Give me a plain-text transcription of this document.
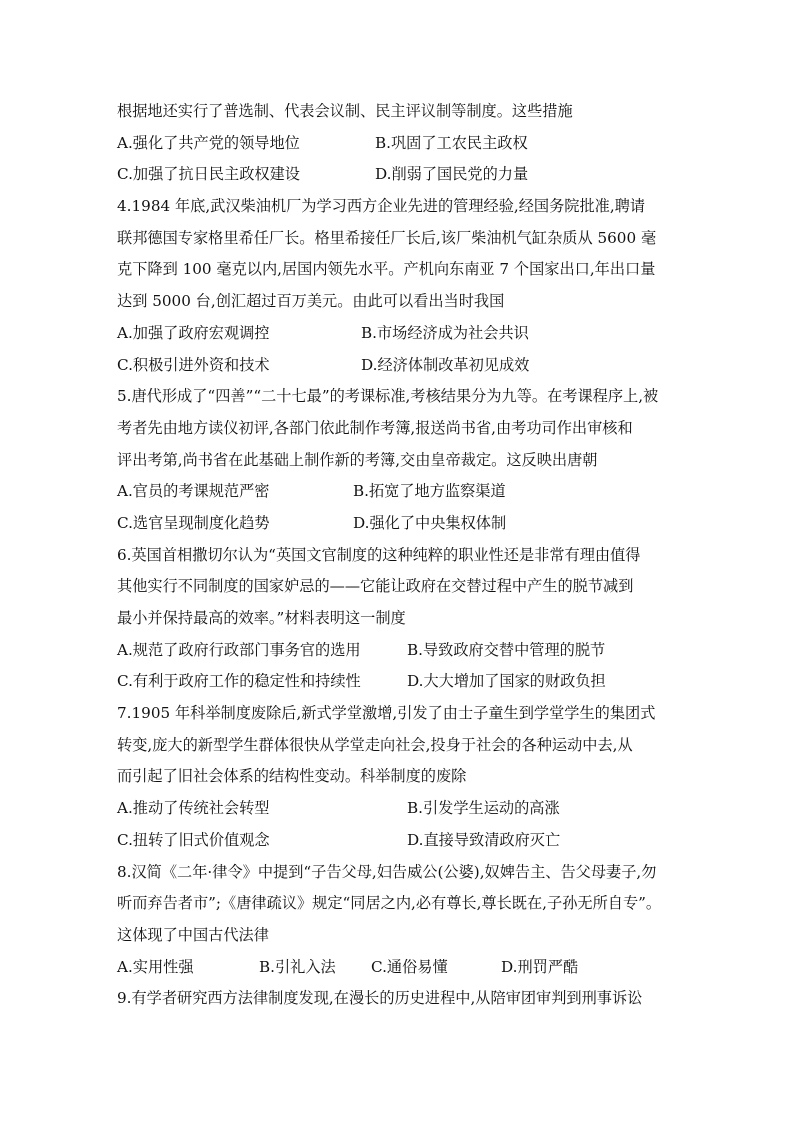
根据地还实行了普选制、代表会议制、民主评议制等制度。这些措施
A.强化了共产党的领导地位	B.巩固了工农民主政权
C.加强了抗日民主政权建设	D.削弱了国民党的力量
4.1984 年底,武汉柴油机厂为学习西方企业先进的管理经验,经国务院批准,聘请
联邦德国专家格里希任厂长。格里希接任厂长后,该厂柴油机气缸杂质从 5600 毫
克下降到 100 毫克以内,居国内领先水平。产机向东南亚 7 个国家出口,年出口量
达到 5000 台,创汇超过百万美元。由此可以看出当时我国
A.加强了政府宏观调控	B.市场经济成为社会共识
C.积极引进外资和技术	D.经济体制改革初见成效
5.唐代形成了“四善”“二十七最”的考课标准,考核结果分为九等。在考课程序上,被
考者先由地方读仪初评,各部门依此制作考簿,报送尚书省,由考功司作出审核和
评出考第,尚书省在此基础上制作新的考簿,交由皇帝裁定。这反映出唐朝
A.官员的考课规范严密	B.拓宽了地方监察渠道
C.选官呈现制度化趋势	D.强化了中央集权体制
6.英国首相撒切尔认为“英国文官制度的这种纯粹的职业性还是非常有理由值得
其他实行不同制度的国家妒忌的——它能让政府在交替过程中产生的脱节减到
最小并保持最高的效率。”材料表明这一制度
A.规范了政府行政部门事务官的选用	B.导致政府交替中管理的脱节
C.有利于政府工作的稳定性和持续性	D.大大增加了国家的财政负担
7.1905 年科举制度废除后,新式学堂激增,引发了由士子童生到学堂学生的集团式
转变,庞大的新型学生群体很快从学堂走向社会,投身于社会的各种运动中去,从
而引起了旧社会体系的结构性变动。科举制度的废除
A.推动了传统社会转型	B.引发学生运动的高涨
C.扭转了旧式价值观念	D.直接导致清政府灭亡
8.汉简《二年·律令》中提到“子告父母,妇告威公(公婆),奴婢告主、告父母妻子,勿
听而弃告者市”;《唐律疏议》规定“同居之内,必有尊长,尊长既在,子孙无所自专”。
这体现了中国古代法律
A.实用性强	B.引礼入法	C.通俗易懂	D.刑罚严酷
9.有学者研究西方法律制度发现,在漫长的历史进程中,从陪审团审判到刑事诉讼
